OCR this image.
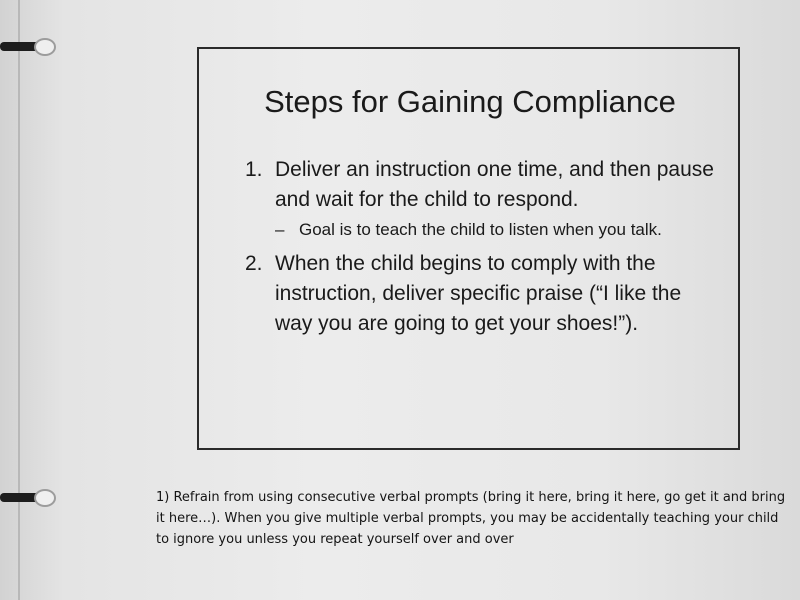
Steps for Gaining Compliance
1. Deliver an instruction one time, and then pause and wait for the child to respond.
– Goal is to teach the child to listen when you talk.
2. When the child begins to comply with the instruction, deliver specific praise (“I like the way you are going to get your shoes!”).

1) Refrain from using consecutive verbal prompts (bring it here, bring it here, go get it and bring it here…). When you give multiple verbal prompts, you may be accidentally teaching your child to ignore you unless you repeat yourself over and over
